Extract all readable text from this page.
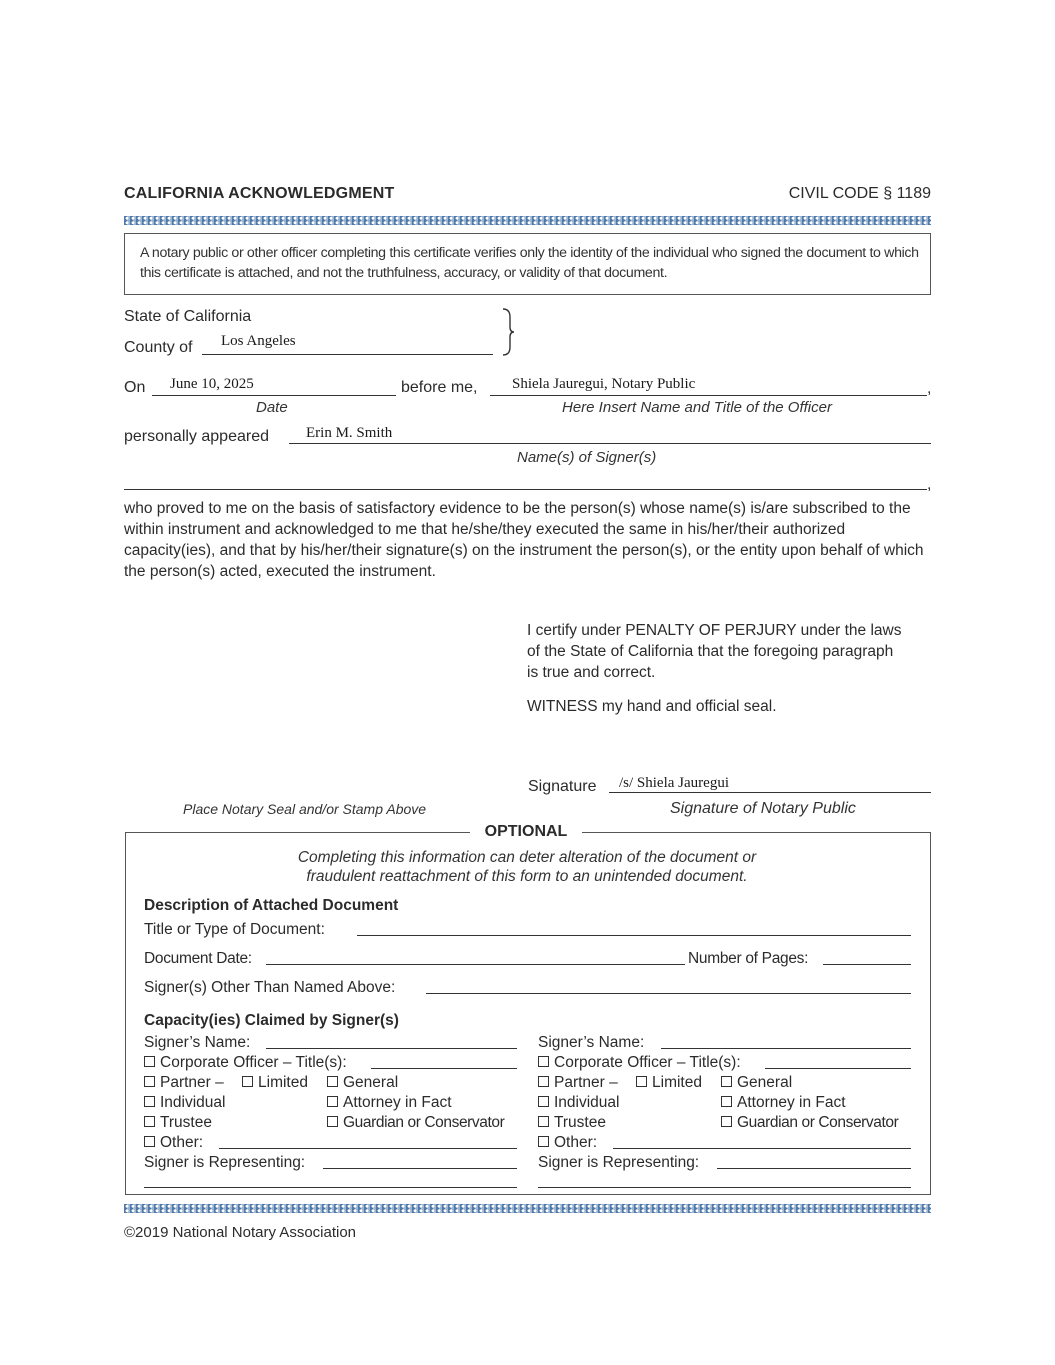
CALIFORNIA ACKNOWLEDGMENT	CIVIL CODE § 1189
A notary public or other officer completing this certificate verifies only the identity of the individual who signed the document to which this certificate is attached, and not the truthfulness, accuracy, or validity of that document.
State of California
County of Los Angeles
On June 10, 2025	before me,	,
Shiela Jauregui, Notary Public
Date	Here Insert Name and Title of the Officer
personally appeared Erin M. Smith
Name(s) of Signer(s)
,
who proved to me on the basis of satisfactory evidence to be the person(s) whose name(s) is/are subscribed to the within instrument and acknowledged to me that he/she/they executed the same in his/her/their authorized capacity(ies), and that by his/her/their signature(s) on the instrument the person(s), or the entity upon behalf of which the person(s) acted, executed the instrument.
I certify under PENALTY OF PERJURY under the laws of the State of California that the foregoing paragraph is true and correct.
WITNESS my hand and official seal.
Signature /s/ Shiela Jauregui
Place Notary Seal and/or Stamp Above	Signature of Notary Public
OPTIONAL
Completing this information can deter alteration of the document or
fraudulent reattachment of this form to an unintended document.
Description of Attached Document
Title or Type of Document:
Document Date:	Number of Pages:
Signer(s) Other Than Named Above:
Capacity(ies) Claimed by Signer(s)
Signer’s Name:
Corporate Officer – Title(s):
Partner –	Limited	General
Individual	Attorney in Fact
Trustee	Guardian or Conservator
Other:
Signer is Representing:
Signer’s Name:
Corporate Officer – Title(s):
Partner –	Limited	General
Individual	Attorney in Fact
Trustee	Guardian or Conservator
Other:
Signer is Representing:
©2019 National Notary Association
